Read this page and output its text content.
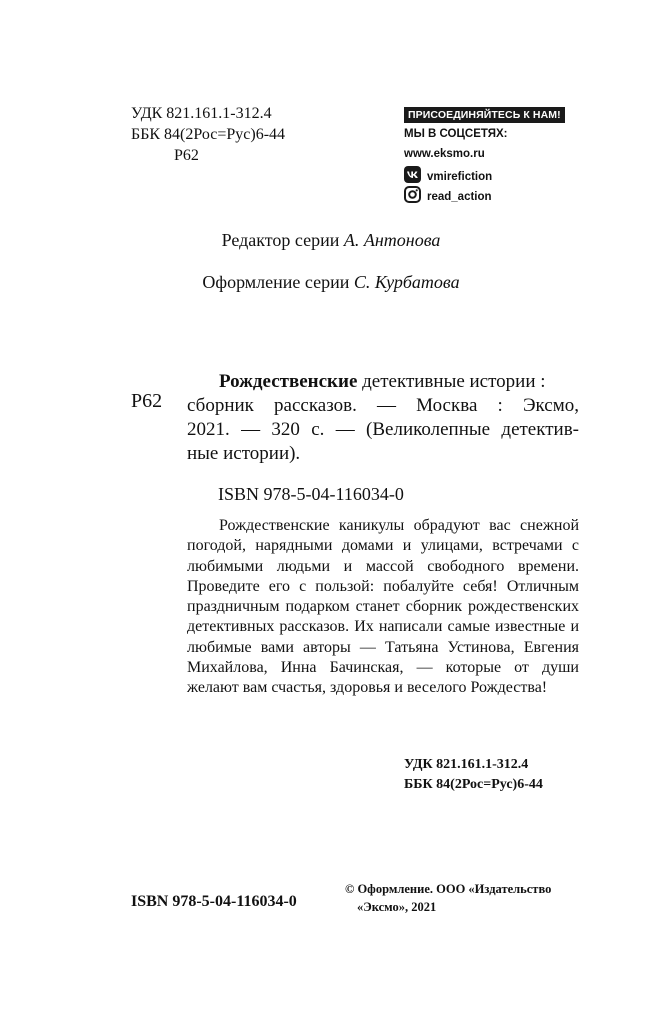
УДК 821.161.1-312.4
ББК 84(2Рос=Рус)6-44
Р62
ПРИСОЕДИНЯЙТЕСЬ К НАМ!
МЫ В СОЦСЕТЯХ:
www.eksmo.ru
vmirefiction
read_action
Редактор серии А. Антонова
Оформление серии С. Курбатова
Р62
Рождественские детективные истории :
сборник рассказов. — Москва : Эксмо,
2021. — 320 с. — (Великолепные детектив-
ные истории).
ISBN 978-5-04-116034-0
Рождественские каникулы обрадуют вас снежной погодой, нарядными домами и улицами, встречами с любимыми людьми и массой свободного времени. Проведите его с пользой: побалуйте себя! Отличным праздничным подарком станет сборник рождественских детективных рассказов. Их написали самые известные и любимые вами авторы — Татьяна Устинова, Евгения Михайлова, Инна Бачинская, — которые от души желают вам счастья, здоровья и веселого Рождества!
УДК 821.161.1-312.4
ББК 84(2Рос=Рус)6-44
© Оформление. ООО «Издательство
«Эксмо», 2021
ISBN 978-5-04-116034-0
